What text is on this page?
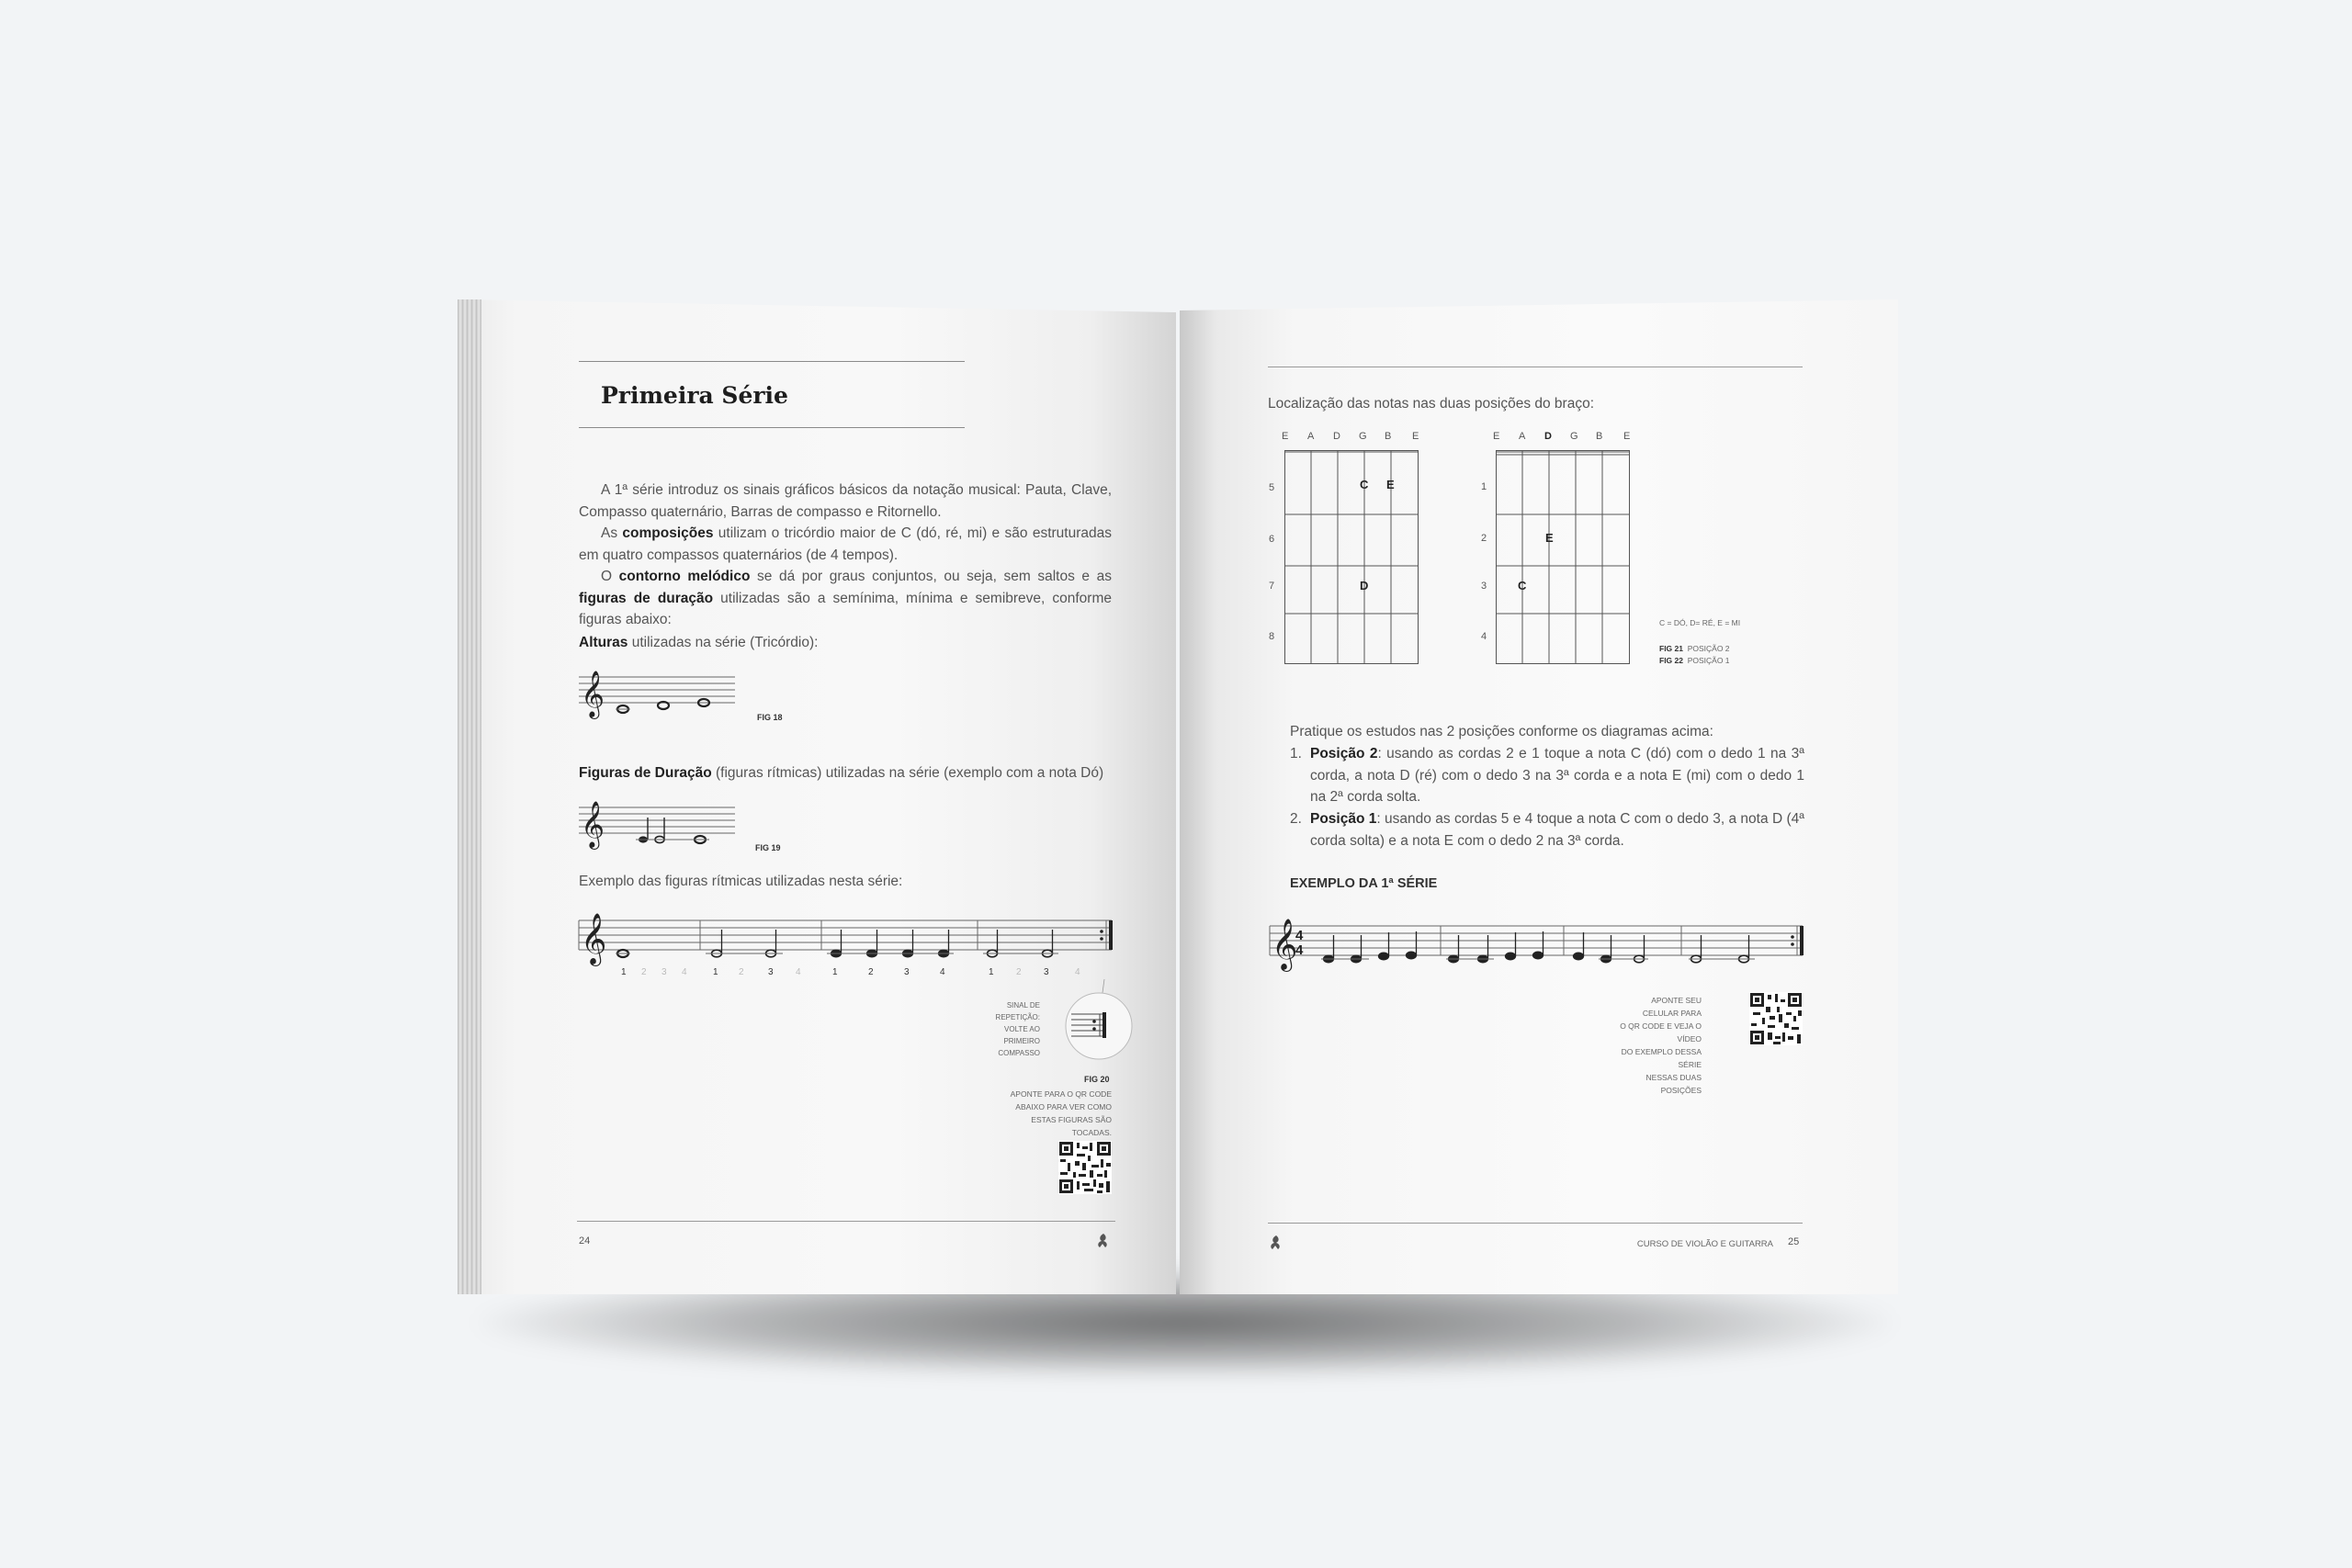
Primeira Série
A 1ª série introduz os sinais gráficos básicos da notação musical: Pauta, Clave, Compasso quaternário, Barras de compasso e Ritornello.
As composições utilizam o tricórdio maior de C (dó, ré, mi) e são estruturadas em quatro compassos quaternários (de 4 tempos).
O contorno melódico se dá por graus conjuntos, ou seja, sem saltos e as figuras de duração utilizadas são a semínima, mínima e semibreve, conforme figuras abaixo:
Alturas utilizadas na série (Tricórdio):
𝄞	FIG 18
Figuras de Duração (figuras rítmicas) utilizadas na série (exemplo com a nota Dó)
𝄞	FIG 19
Exemplo das figuras rítmicas utilizadas nesta série:
𝄞
1 2 3 4	1 2	3 4	1	2	3	4	1 2 3	4
SINAL DE
REPETIÇÃO:
VOLTE AO
PRIMEIRO
COMPASSO
FIG 20
APONTE PARA O QR CODE
ABAIXO PARA VER COMO
ESTAS FIGURAS SÃO
TOCADAS.
24
Localização das notas nas duas posições do braço:
E A D G B E
5
6
7
8
C E
D
E A D G B E
1
2
3
4
E
C
C = DÓ, D= RÉ, E = MI
FIG 21 POSIÇÃO 2
FIG 22 POSIÇÃO 1
Pratique os estudos nas 2 posições conforme os diagramas acima:
1. Posição 2: usando as cordas 2 e 1 toque a nota C (dó) com o dedo 1 na 3ª corda, a nota D (ré) com o dedo 3 na 3ª corda e a nota E (mi) com o dedo 1 na 2ª corda solta.
2. Posição 1: usando as cordas 5 e 4 toque a nota C com o dedo 3, a nota D (4ª corda solta) e a nota E com o dedo 2 na 3ª corda.
EXEMPLO DA 1ª SÉRIE
𝄞
4
4
APONTE SEU CELULAR PARA
O QR CODE E VEJA O VÍDEO
DO EXEMPLO DESSA SÉRIE
NESSAS DUAS POSIÇÕES
CURSO DE VIOLÃO E GUITARRA 25
